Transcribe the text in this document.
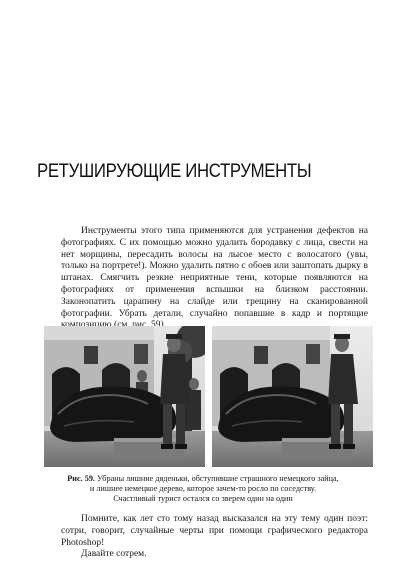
РЕТУШИРУЮЩИЕ ИНСТРУМЕНТЫ

Инструменты этого типа применяются для устранения дефектов на фотографиях. С их помощью можно удалить бородавку с лица, свести на нет морщины, пересадить волосы на лысое место с волосатого (увы, только на портрете!). Можно удалить пятно с обоев или заштопать дырку в штанах. Смягчить резкие неприятные тени, которые появляются на фотографиях от применения вспышки на близком расстоянии. Законопатить царапину на слайде или трещину на сканированной фотографии. Убрать детали, случайно попавшие в кадр и портящие

Рис. 59. Убраны лишние дяденьки, обступившие страшного немецкого зайца,
и лишнее немецкое дерево, которое зачем-то росло по соседству.
Счастливый турист остался со зверем один на один

Помните, как лет сто тому назад высказался на эту тему один поэт: сотри, говорит, случайные черты при помощи графического редактора Photoshop!
Давайте сотрем.
